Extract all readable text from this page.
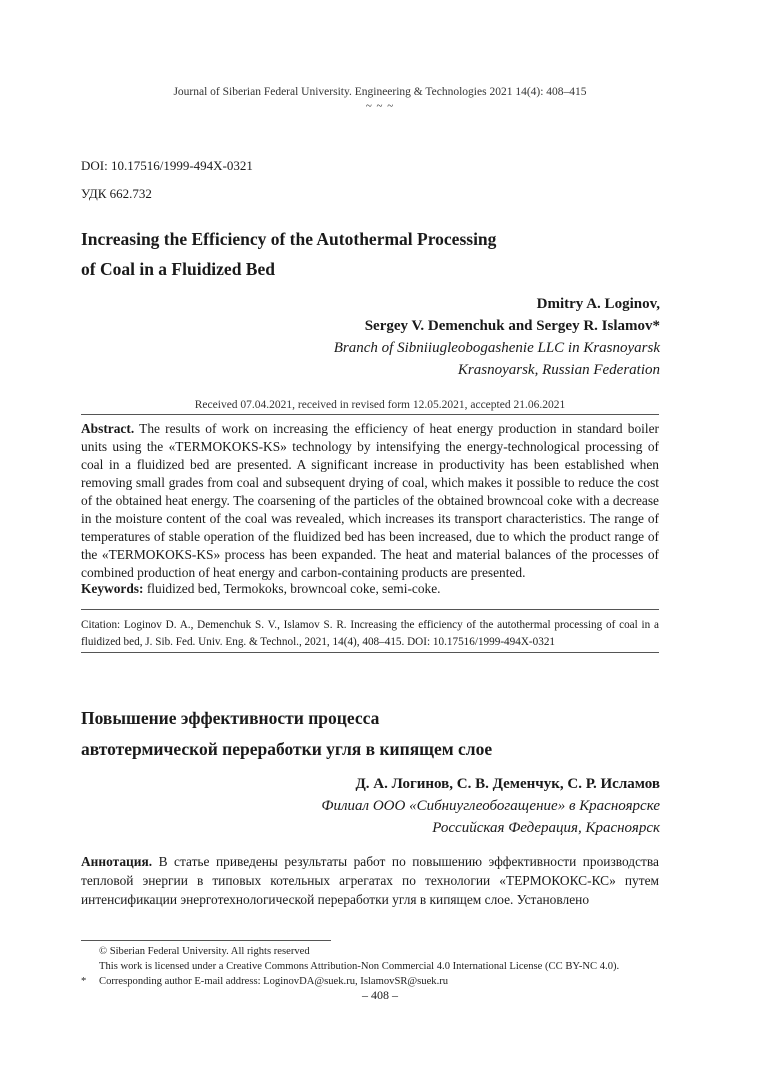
Journal of Siberian Federal University. Engineering & Technologies 2021 14(4): 408–415
~ ~ ~
DOI: 10.17516/1999-494X-0321
УДК 662.732
Increasing the Efficiency of the Autothermal Processing
of Coal in a Fluidized Bed
Dmitry A. Loginov,
Sergey V. Demenchuk and Sergey R. Islamov*
Branch of Sibniiugleobogashenie LLC in Krasnoyarsk
Krasnoyarsk, Russian Federation
Received 07.04.2021, received in revised form 12.05.2021, accepted 21.06.2021
Abstract. The results of work on increasing the efficiency of heat energy production in standard boiler units using the «TERMOKOKS-KS» technology by intensifying the energy-technological processing of coal in a fluidized bed are presented. A significant increase in productivity has been established when removing small grades from coal and subsequent drying of coal, which makes it possible to reduce the cost of the obtained heat energy. The coarsening of the particles of the obtained browncoal coke with a decrease in the moisture content of the coal was revealed, which increases its transport characteristics. The range of temperatures of stable operation of the fluidized bed has been increased, due to which the product range of the «TERMOKOKS-KS» process has been expanded. The heat and material balances of the processes of combined production of heat energy and carbon-containing products are presented.
Keywords: fluidized bed, Termokoks, browncoal coke, semi-coke.
Citation: Loginov D. A., Demenchuk S. V., Islamov S. R. Increasing the efficiency of the autothermal processing of coal in a fluidized bed, J. Sib. Fed. Univ. Eng. & Technol., 2021, 14(4), 408–415. DOI: 10.17516/1999-494X-0321
Повышение эффективности процесса
автотермической переработки угля в кипящем слое
Д. А. Логинов, С. В. Деменчук, С. Р. Исламов
Филиал ООО «Сибниуглеобогащение» в Красноярске
Российская Федерация, Красноярск
Аннотация. В статье приведены результаты работ по повышению эффективности производства тепловой энергии в типовых котельных агрегатах по технологии «ТЕРМОКОКС-КС» путем интенсификации энерготехнологической переработки угля в кипящем слое. Установлено
© Siberian Federal University. All rights reserved
This work is licensed under a Creative Commons Attribution-Non Commercial 4.0 International License (CC BY-NC 4.0).
* Corresponding author E-mail address: LoginovDA@suek.ru, IslamovSR@suek.ru
– 408 –
